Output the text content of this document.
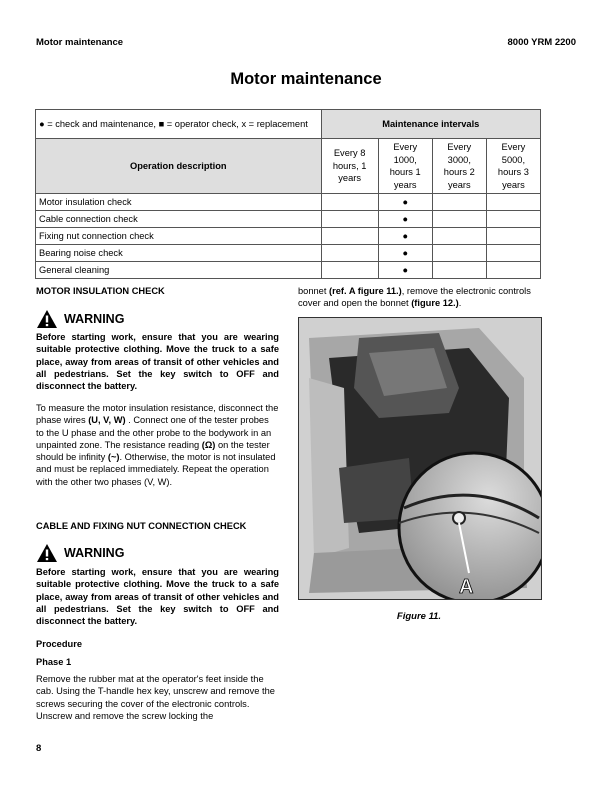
Motor maintenance	8000 YRM 2200
Motor maintenance
● = check and maintenance, ■ = operator check, x = replacement	Maintenance intervals			
Operation description	Every 8 hours, 1 years	Every 1000, hours 1 years	Every 3000, hours 2 years	Every 5000, hours 3 years
Motor insulation check		●		
Cable connection check		●		
Fixing nut connection check		●		
Bearing noise check		●		
General cleaning		●		
MOTOR INSULATION CHECK
WARNING
Before starting work, ensure that you are wearing suitable protective clothing. Move the truck to a safe place, away from areas of transit of other vehicles and all pedestrians. Set the key switch to OFF and disconnect the battery.
To measure the motor insulation resistance, disconnect the phase wires (U, V, W) . Connect one of the tester probes to the U phase and the other probe to the bodywork in an unpainted zone. The resistance reading (Ω) on the tester should be infinity (~). Otherwise, the motor is not insulated and must be replaced immediately. Repeat the operation with the other two phases (V, W).
CABLE AND FIXING NUT CONNECTION CHECK
WARNING
Before starting work, ensure that you are wearing suitable protective clothing. Move the truck to a safe place, away from areas of transit of other vehicles and all pedestrians. Set the key switch to OFF and disconnect the battery.
Procedure
Phase 1
Remove the rubber mat at the operator's feet inside the cab. Using the T-handle hex key, unscrew and remove the screws securing the cover of the electronic controls. Unscrew and remove the screw locking the
bonnet (ref. A figure 11.), remove the electronic controls cover and open the bonnet (figure 12.).
A
Figure 11.
8
